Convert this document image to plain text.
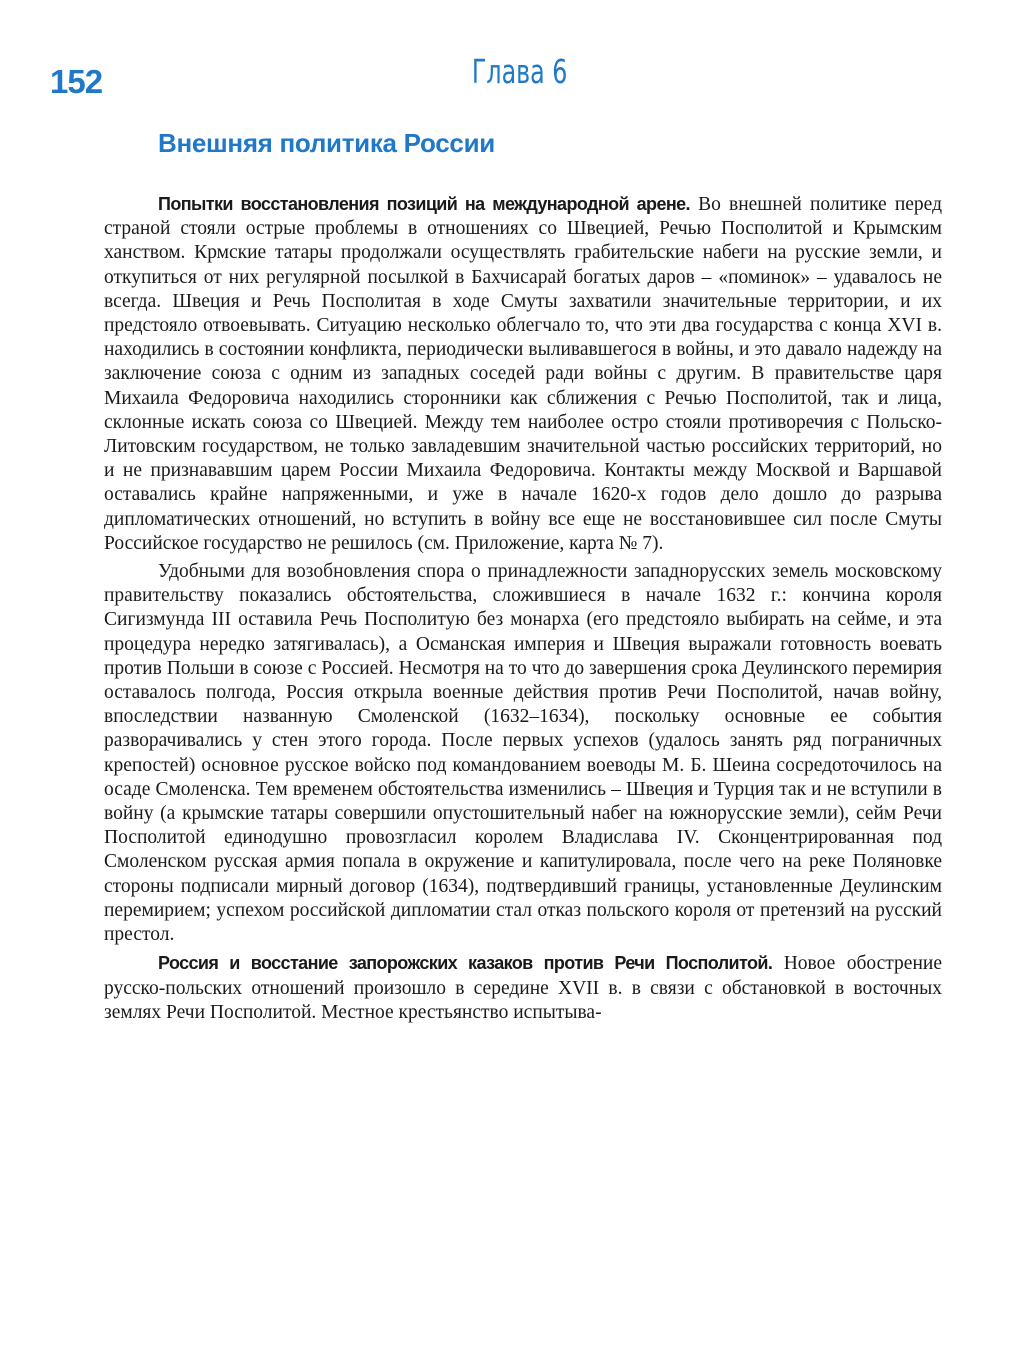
152	Глава 6
Внешняя политика России

Попытки восстановления позиций на международной арене. Во внешней политике перед страной стояли острые проблемы в отношениях со Швецией, Речью Посполитой и Крымским ханством. Крмские татары продолжали осуществлять грабительские набеги на русские земли, и откупиться от них регулярной посылкой в Бахчисарай богатых даров – «поминок» – удавалось не всегда. Швеция и Речь Посполитая в ходе Смуты захватили значительные территории, и их предстояло отвоевывать. Ситуацию несколько облегчало то, что эти два государства с конца XVI в. находились в состоянии конфликта, периодически выливавшегося в войны, и это давало надежду на заключение союза с одним из западных соседей ради войны с другим. В правительстве царя Михаила Федоровича находились сторонники как сближения с Речью Посполитой, так и лица, склонные искать союза со Швецией. Между тем наиболее остро стояли противоречия с Польско-Литовским государством, не только завладевшим значительной частью российских территорий, но и не признававшим царем России Михаила Федоровича. Контакты между Москвой и Варшавой оставались крайне напряженными, и уже в начале 1620-х годов дело дошло до разрыва дипломатических отношений, но вступить в войну все еще не восстановившее сил после Смуты Российское государство не решилось (см. Приложение, карта № 7).

Удобными для возобновления спора о принадлежности западнорусских земель московскому правительству показались обстоятельства, сложившиеся в начале 1632 г.: кончина короля Сигизмунда III оставила Речь Посполитую без монарха (его предстояло выбирать на сейме, и эта процедура нередко затягивалась), а Османская империя и Швеция выражали готовность воевать против Польши в союзе с Россией. Несмотря на то что до завершения срока Деулинского перемирия оставалось полгода, Россия открыла военные действия против Речи Посполитой, начав войну, впоследствии названную Смоленской (1632–1634), поскольку основные ее события разворачивались у стен этого города. После первых успехов (удалось занять ряд пограничных крепостей) основное русское войско под командованием воеводы М. Б. Шеина сосредоточилось на осаде Смоленска. Тем временем обстоятельства изменились – Швеция и Турция так и не вступили в войну (а крымские татары совершили опустошительный набег на южнорусские земли), сейм Речи Посполитой единодушно провозгласил королем Владислава IV. Сконцентрированная под Смоленском русская армия попала в окружение и капитулировала, после чего на реке Поляновке стороны подписали мирный договор (1634), подтвердивший границы, установленные Деулинским перемирием; успехом российской дипломатии стал отказ польского короля от претензий на русский престол.

Россия и восстание запорожских казаков против Речи Посполитой. Новое обострение русско-польских отношений произошло в середине XVII в. в связи с обстановкой в восточных землях Речи Посполитой. Местное крестьянство испытыва-
